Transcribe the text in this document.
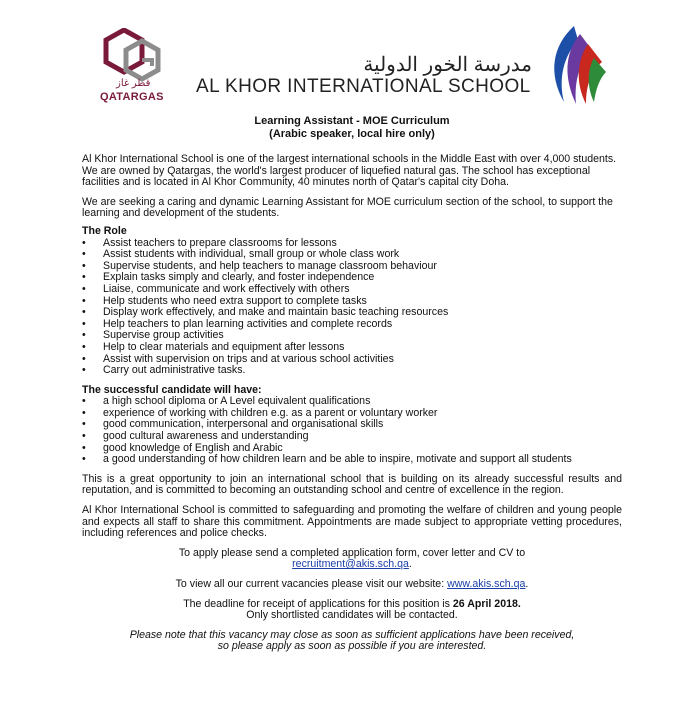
قطر غاز
QATARGAS
مدرسة الخور الدولية
AL KHOR INTERNATIONAL SCHOOL

Learning Assistant - MOE Curriculum

(Arabic speaker, local hire only)

Al Khor International School is one of the largest international schools in the Middle East with over 4,000 students. We are owned by Qatargas, the world's largest producer of liquefied natural gas. The school has exceptional facilities and is located in Al Khor Community, 40 minutes north of Qatar's capital city Doha.

We are seeking a caring and dynamic Learning Assistant for MOE curriculum section of the school, to support the learning and development of the students.

The Role

• Assist teachers to prepare classrooms for lessons
• Assist students with individual, small group or whole class work
• Supervise students, and help teachers to manage classroom behaviour
• Explain tasks simply and clearly, and foster independence
• Liaise, communicate and work effectively with others
• Help students who need extra support to complete tasks
• Display work effectively, and make and maintain basic teaching resources
• Help teachers to plan learning activities and complete records
• Supervise group activities
• Help to clear materials and equipment after lessons
• Assist with supervision on trips and at various school activities
• Carry out administrative tasks.

The successful candidate will have:

• a high school diploma or A Level equivalent qualifications
• experience of working with children e.g. as a parent or voluntary worker
• good communication, interpersonal and organisational skills
• good cultural awareness and understanding
• good knowledge of English and Arabic
• a good understanding of how children learn and be able to inspire, motivate and support all students

This is a great opportunity to join an international school that is building on its already successful results and reputation, and is committed to becoming an outstanding school and centre of excellence in the region.

Al Khor International School is committed to safeguarding and promoting the welfare of children and young people and expects all staff to share this commitment. Appointments are made subject to appropriate vetting procedures, including references and police checks.

To apply please send a completed application form, cover letter and CV to

recruitment@akis.sch.qa.

To view all our current vacancies please visit our website: www.akis.sch.qa.

The deadline for receipt of applications for this position is 26 April 2018.

Only shortlisted candidates will be contacted.

Please note that this vacancy may close as soon as sufficient applications have been received,

so please apply as soon as possible if you are interested.
